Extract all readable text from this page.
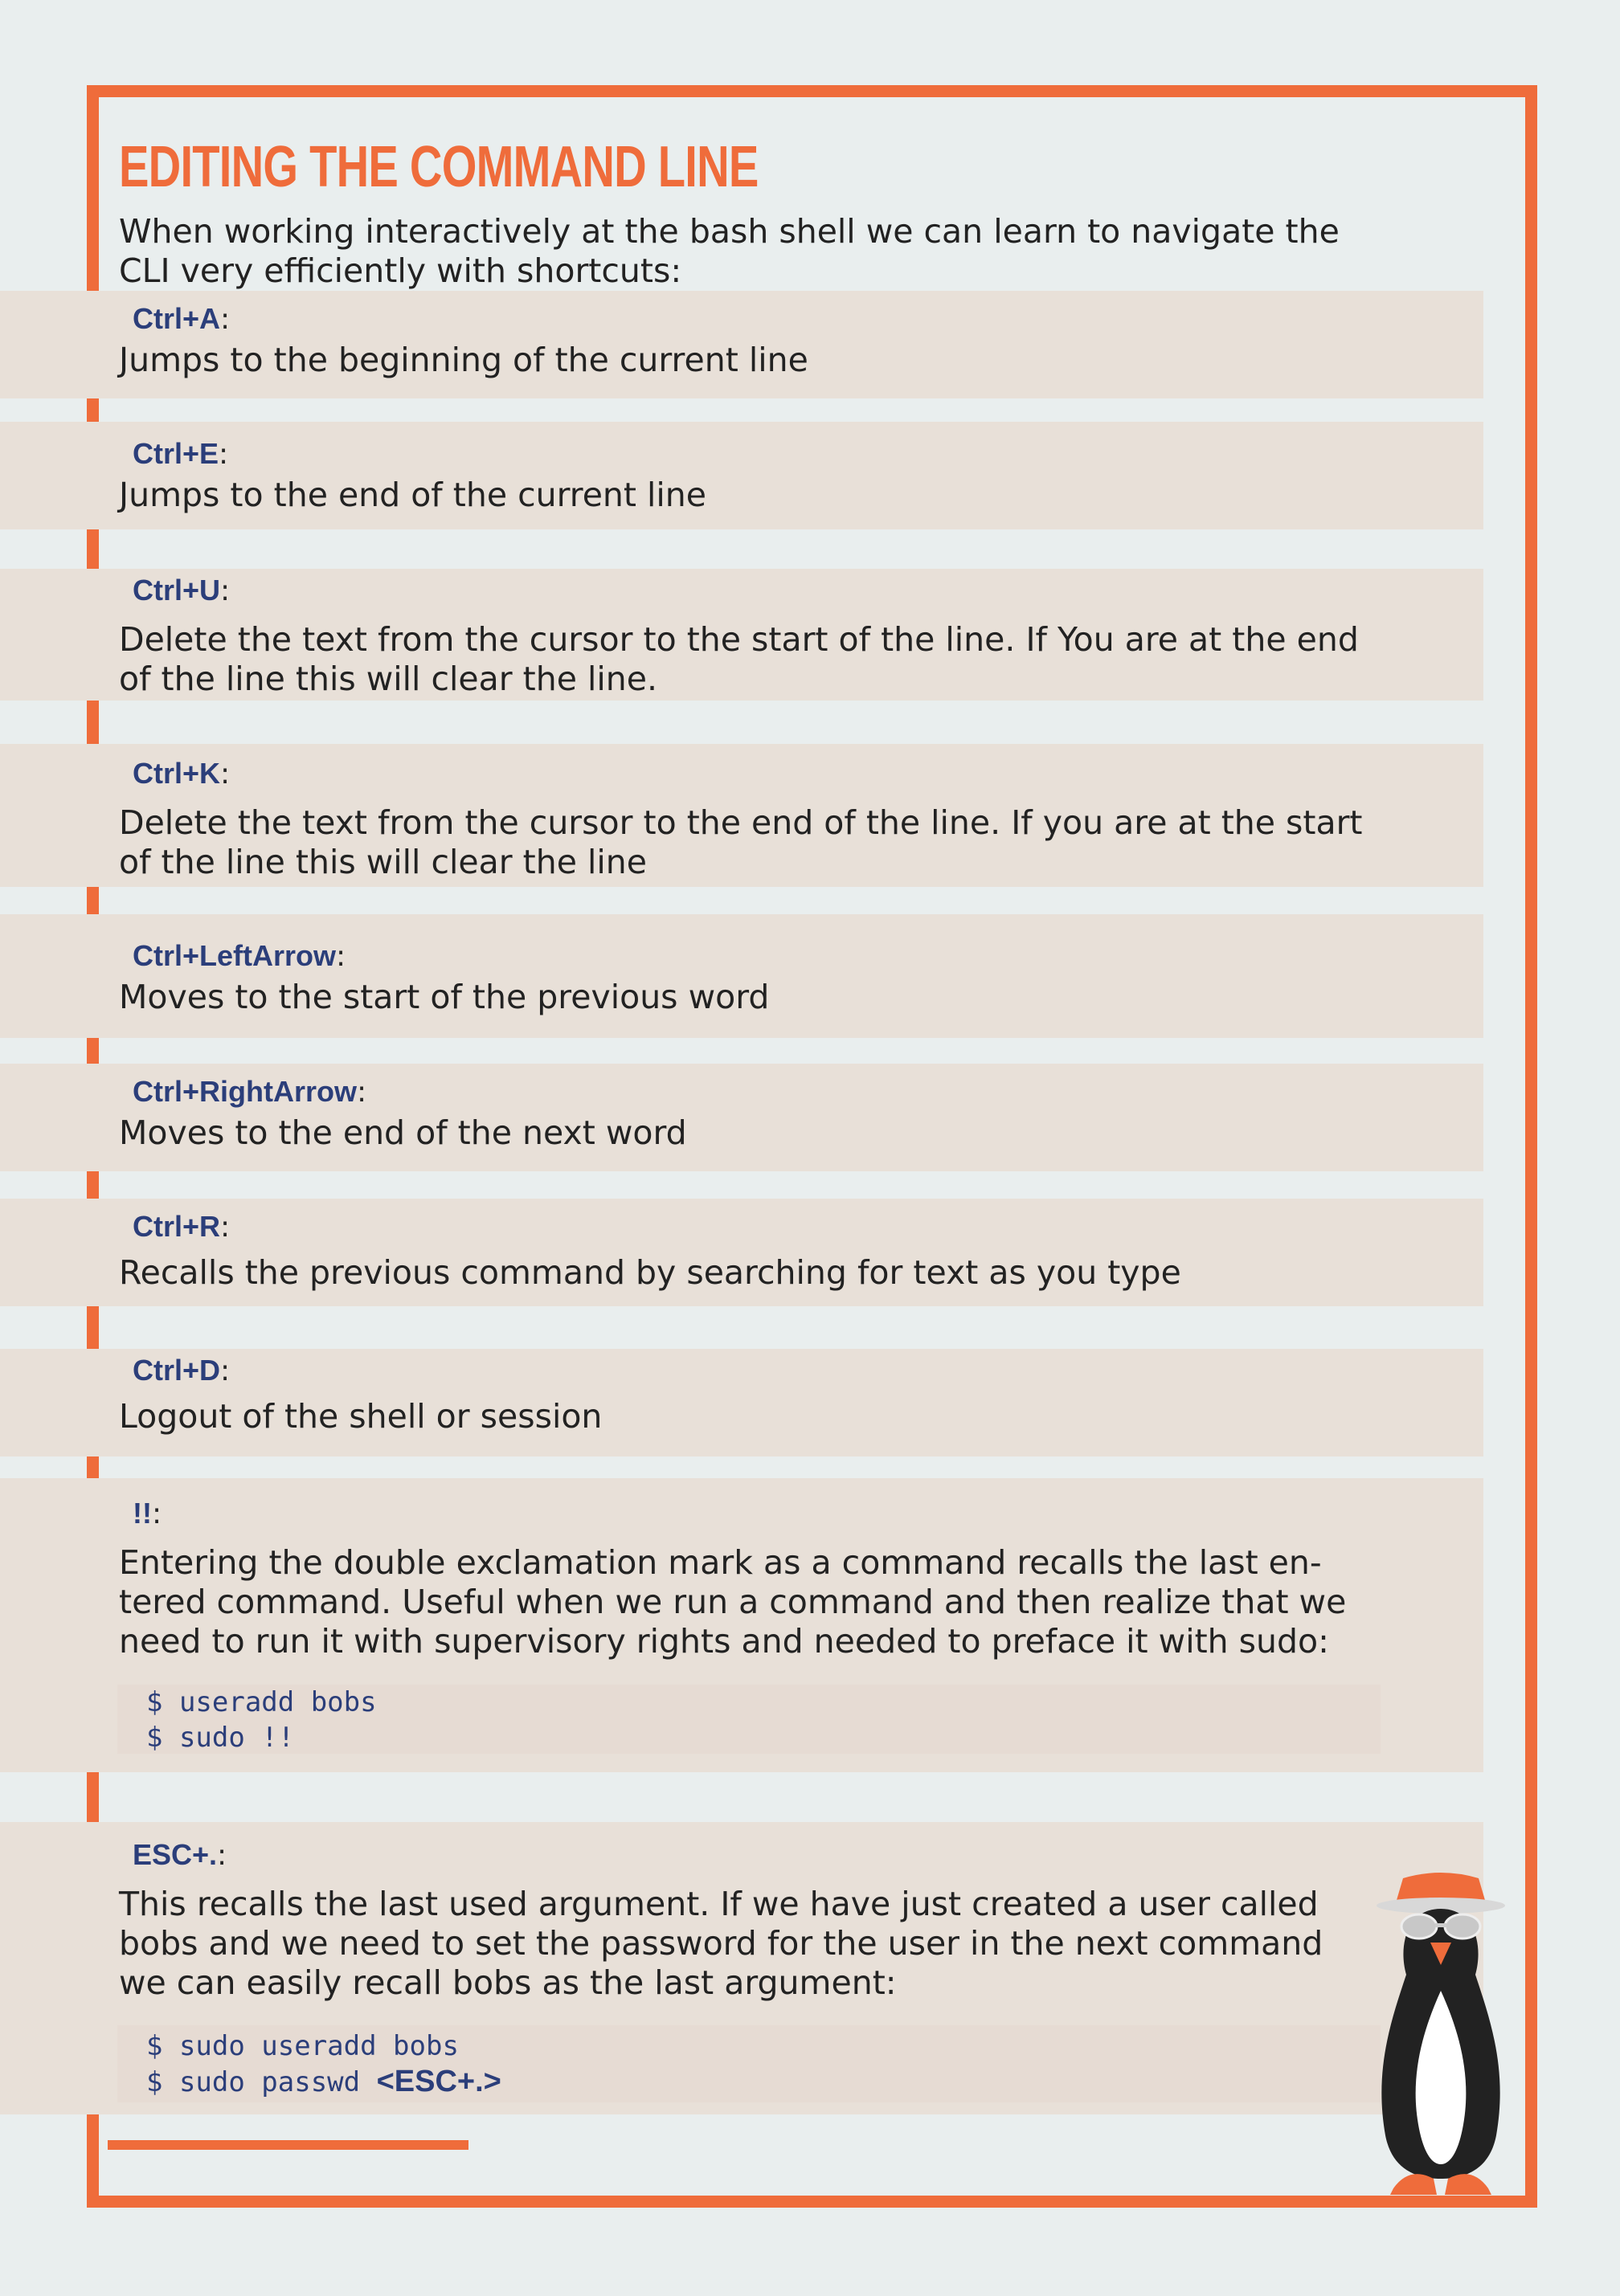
EDITING THE COMMAND LINE

When working interactively at the bash shell we can learn to navigate the CLI very efficiently with shortcuts:

Ctrl+A:

Jumps to the beginning of the current line

Ctrl+E:

Jumps to the end of the current line

Ctrl+U:

Delete the text from the cursor to the start of the line. If You are at the end of the line this will clear the line.

Ctrl+K:

Delete the text from the cursor to the end of the line. If you are at the start of the line this will clear the line

Ctrl+LeftArrow:

Moves to the start of the previous word

Ctrl+RightArrow:

Moves to the end of the next word

Ctrl+R:

Recalls the previous command by searching for text as you type

Ctrl+D:

Logout of the shell or session

!!:

Entering the double exclamation mark as a command recalls the last en-tered command. Useful when we run a command and then realize that we need to run it with supervisory rights and needed to preface it with sudo:

$ useradd bobs
$ sudo !!
ESC+.:

This recalls the last used argument. If we have just created a user called bobs and we need to set the password for the user in the next command we can easily recall bobs as the last argument:

$ sudo useradd bobs
$ sudo passwd <ESC+.>
